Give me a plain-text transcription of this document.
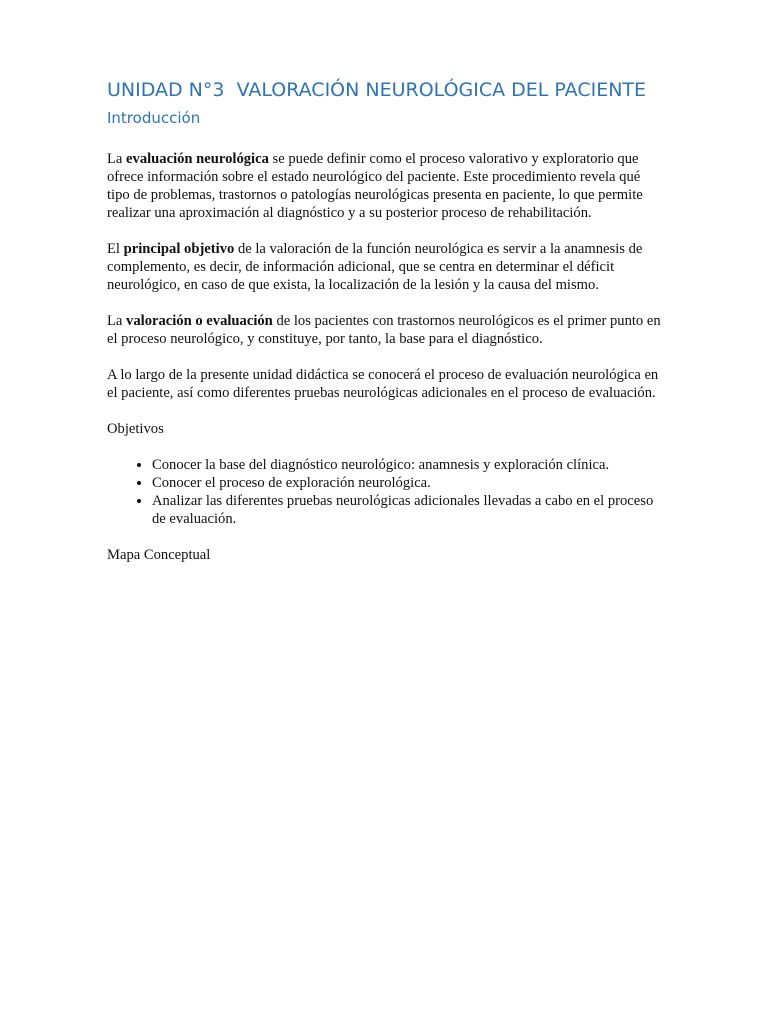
UNIDAD N°3  VALORACIÓN NEUROLÓGICA DEL PACIENTE
Introducción

La evaluación neurológica se puede definir como el proceso valorativo y exploratorio que ofrece información sobre el estado neurológico del paciente. Este procedimiento revela qué tipo de problemas, trastornos o patologías neurológicas presenta en paciente, lo que permite realizar una aproximación al diagnóstico y a su posterior proceso de rehabilitación.

El principal objetivo de la valoración de la función neurológica es servir a la anamnesis de complemento, es decir, de información adicional, que se centra en determinar el déficit neurológico, en caso de que exista, la localización de la lesión y la causa del mismo.

La valoración o evaluación de los pacientes con trastornos neurológicos es el primer punto en el proceso neurológico, y constituye, por tanto, la base para el diagnóstico.

A lo largo de la presente unidad didáctica se conocerá el proceso de evaluación neurológica en el paciente, así como diferentes pruebas neurológicas adicionales en el proceso de evaluación.

Objetivos

• Conocer la base del diagnóstico neurológico: anamnesis y exploración clínica.
• Conocer el proceso de exploración neurológica.
• Analizar las diferentes pruebas neurológicas adicionales llevadas a cabo en el proceso de evaluación.

Mapa Conceptual
